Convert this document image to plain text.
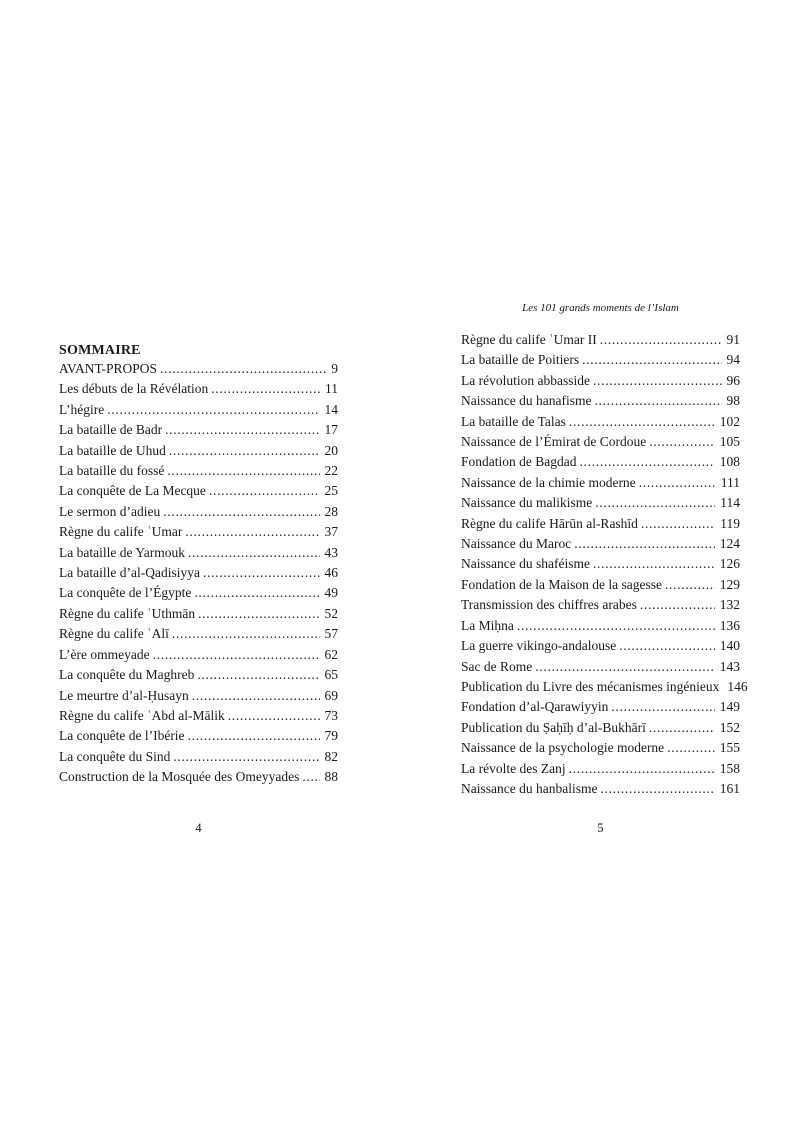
SOMMAIRE
AVANT-PROPOS .....	9
Les débuts de la Révélation .....	11
L’hégire .....	14
La bataille de Badr .....	17
La bataille de Uhud .....	20
La bataille du fossé .....	22
La conquête de La Mecque .....	25
Le sermon d’adieu .....	28
Règne du calife ʿUmar .....	37
La bataille de Yarmouk .....	43
La bataille d’al-Qadisiyya .....	46
La conquête de l’Égypte .....	49
Règne du calife ʿUthmān .....	52
Règne du calife ʿAlī .....	57
L’ère ommeyade .....	62
La conquête du Maghreb .....	65
Le meurtre d’al-Ḥusayn .....	69
Règne du calife ʿAbd al-Mālik .....	73
La conquête de l’Ibérie .....	79
La conquête du Sind .....	82
Construction de la Mosquée des Omeyyades ..... 88
4
Les 101 grands moments de l’Islam
Règne du calife ʿUmar II .....	91
La bataille de Poitiers .....	94
La révolution abbasside .....	96
Naissance du hanafisme .....	98
La bataille de Talas .....	102
Naissance de l’Émirat de Cordoue .....	105
Fondation de Bagdad .....	108
Naissance de la chimie moderne .....	111
Naissance du malikisme .....	114
Règne du calife Hārūn al-Rashīd .....	119
Naissance du Maroc .....	124
Naissance du shaféisme .....	126
Fondation de la Maison de la sagesse .....	129
Transmission des chiffres arabes .....	132
La Miḥna .....	136
La guerre vikingo-andalouse .....	140
Sac de Rome .....	143
Publication du Livre des mécanismes ingénieux 146
Fondation d’al-Qarawiyyin .....	149
Publication du Ṣaḥīḥ d’al-Bukhārī .....	152
Naissance de la psychologie moderne .....	155
La révolte des Zanj .....	158
Naissance du hanbalisme .....	161
5
